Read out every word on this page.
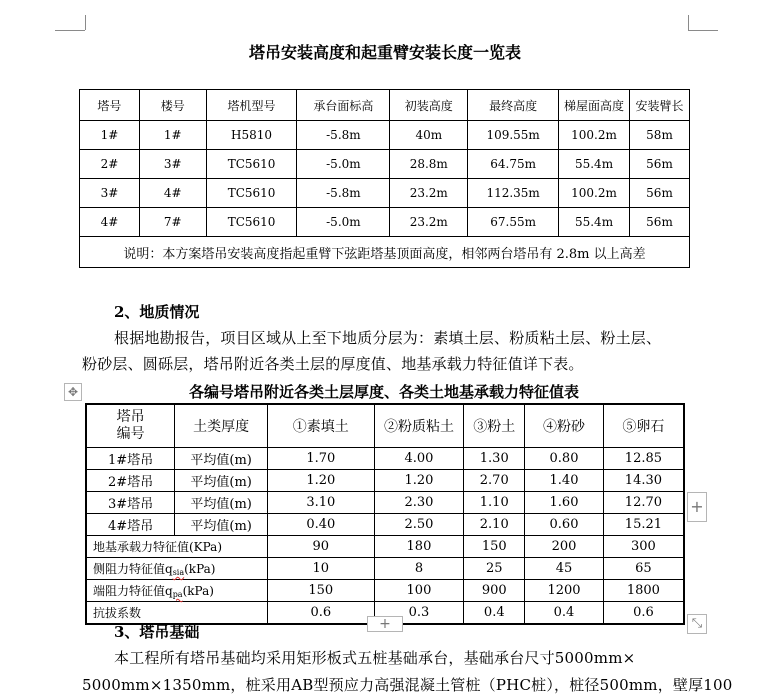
塔吊安装高度和起重臂安装长度一览表
塔号	楼号	塔机型号	承台面标高	初装高度	最终高度	梯屋面高度	安装臂长
1#	1#	H5810	-5.8m	40m	109.55m	100.2m	58m
2#	3#	TC5610	-5.0m	28.8m	64.75m	55.4m	56m
3#	4#	TC5610	-5.8m	23.2m	112.35m	100.2m	56m
4#	7#	TC5610	-5.0m	23.2m	67.55m	55.4m	56m
说明：本方案塔吊安装高度指起重臂下弦距塔基顶面高度，相邻两台塔吊有 2.8m 以上高差							
2、地质情况
根据地勘报告，项目区域从上至下地质分层为：素填土层、粉质粘土层、粉土层、
粉砂层、圆砾层，塔吊附近各类土层的厚度值、地基承载力特征值详下表。
✥	各编号塔吊附近各类土层厚度、各类土地基承载力特征值表
塔吊
编号	土类厚度	①素填土	②粉质粘土	③粉土	④粉砂	⑤卵石
1#塔吊	平均值(m)	1.70	4.00	1.30	0.80	12.85
2#塔吊	平均值(m)	1.20	1.20	2.70	1.40	14.30
3#塔吊	平均值(m)	3.10	2.30	1.10	1.60	12.70
4#塔吊	平均值(m)	0.40	2.50	2.10	0.60	15.21
地基承载力特征值(KPa)		90	180	150	200	300
侧阻力特征值$q_{sia}(kPa)$		10	8	25	45	65
端阻力特征值$q_{pa}(kPa)$		150	100	900	1200	1800
抗拔系数		0.6	0.3	0.4	0.4	0.6
+
+	⤡
3、塔吊基础
本工程所有塔吊基础均采用矩形板式五桩基础承台，基础承台尺寸5000mm×
5000mm×1350mm，桩采用AB型预应力高强混凝土管桩（PHC桩），桩径500mm，壁厚100
